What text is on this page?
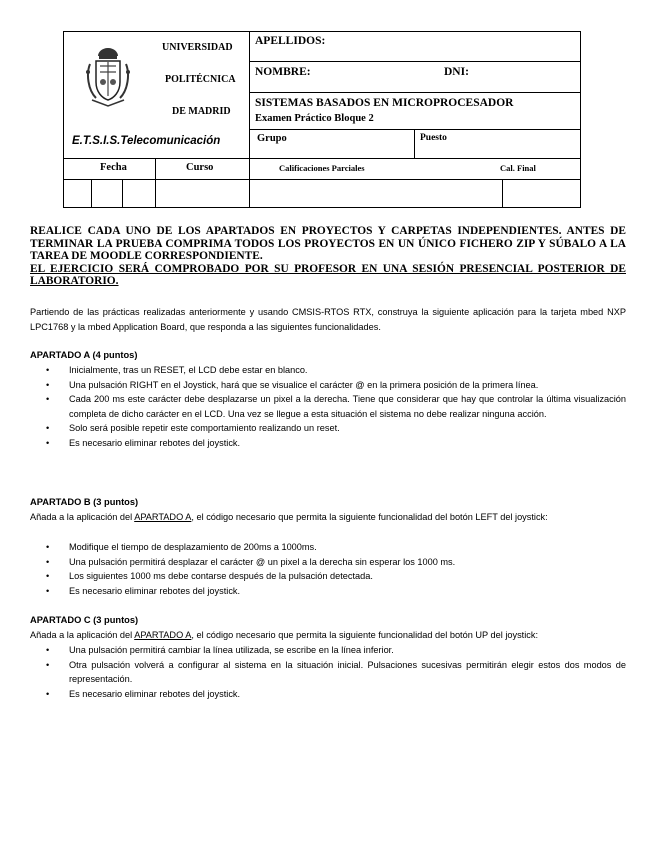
UNIVERSIDAD
POLITÉCNICA
DE MADRID
E.T.S.I.S.Telecomunicación
APELLIDOS:
NOMBRE:	DNI:
SISTEMAS BASADOS EN MICROPROCESADOR
Examen Práctico Bloque 2
Grupo	Puesto
Fecha	Curso	Calificaciones Parciales	Cal. Final
REALICE CADA UNO DE LOS APARTADOS EN PROYECTOS Y CARPETAS INDEPENDIENTES. ANTES DE TERMINAR LA PRUEBA COMPRIMA TODOS LOS PROYECTOS EN UN ÚNICO FICHERO ZIP Y SÚBALO A LA TAREA DE MOODLE CORRESPONDIENTE.
EL EJERCICIO SERÁ COMPROBADO POR SU PROFESOR EN UNA SESIÓN PRESENCIAL POSTERIOR DE LABORATORIO.
Partiendo de las prácticas realizadas anteriormente y usando CMSIS-RTOS RTX, construya la siguiente aplicación para la tarjeta mbed NXP LPC1768 y la mbed Application Board, que responda a las siguientes funcionalidades.
APARTADO A (4 puntos)
• Inicialmente, tras un RESET, el LCD debe estar en blanco.
• Una pulsación RIGHT en el Joystick, hará que se visualice el carácter @ en la primera posición de la primera línea.
• Cada 200 ms este carácter debe desplazarse un pixel a la derecha. Tiene que considerar que hay que controlar la última visualización completa de dicho carácter en el LCD. Una vez se llegue a esta situación el sistema no debe realizar ninguna acción.
• Solo será posible repetir este comportamiento realizando un reset.
• Es necesario eliminar rebotes del joystick.
APARTADO B (3 puntos)
Añada a la aplicación del APARTADO A, el código necesario que permita la siguiente funcionalidad del botón LEFT del joystick:
• Modifique el tiempo de desplazamiento de 200ms a 1000ms.
• Una pulsación permitirá desplazar el carácter @ un pixel a la derecha sin esperar los 1000 ms.
• Los siguientes 1000 ms debe contarse después de la pulsación detectada.
• Es necesario eliminar rebotes del joystick.
APARTADO C (3 puntos)
Añada a la aplicación del APARTADO A, el código necesario que permita la siguiente funcionalidad del botón UP del joystick:
• Una pulsación permitirá cambiar la línea utilizada, se escribe en la línea inferior.
• Otra pulsación volverá a configurar al sistema en la situación inicial. Pulsaciones sucesivas permitirán elegir estos dos modos de representación.
• Es necesario eliminar rebotes del joystick.
